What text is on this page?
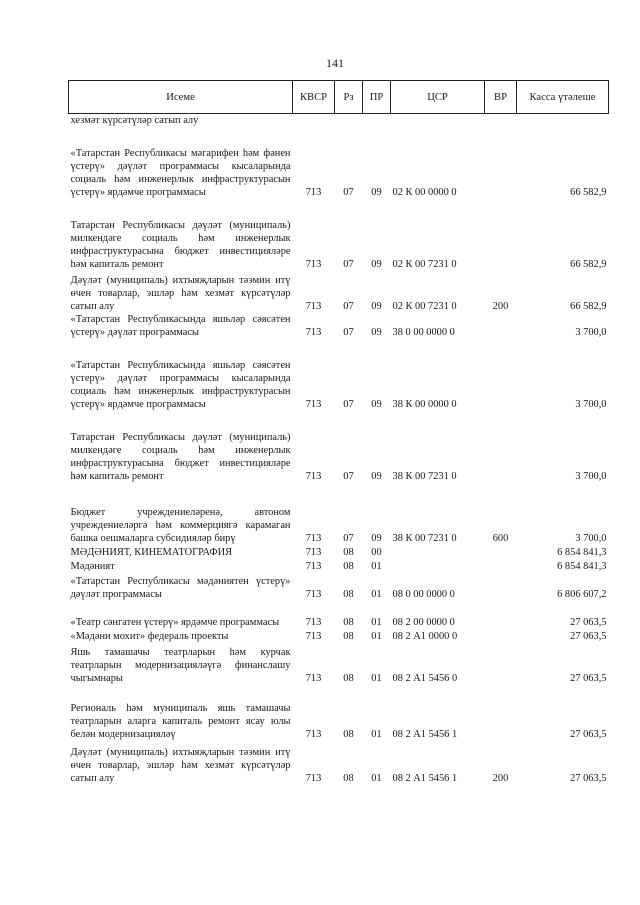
141
Исеме	КВСР	Рз	ПР	ЦСР	ВР	Касса үтәлеше
хезмәт күрсәтүләр сатып алу						
«Татарстан Республикасы мәгарифен һәм фәнен үстерү» дәүләт программасы кысаларында социаль һәм инженерлык инфраструктурасын үстерү» ярдәмче программасы	713	07	09	02 К 00 0000 0		66 582,9
Татарстан Республикасы дәүләт (муниципаль) милкендәге социаль һәм инженерлык инфраструктурасына бюджет инвестицияләре һәм капиталь ремонт	713	07	09	02 К 00 7231 0		66 582,9
Дәүләт (муниципаль) ихтыяҗларын тәэмин итү өчен товарлар, эшләр һәм хезмәт күрсәтүләр сатып алу	713	07	09	02 К 00 7231 0	200	66 582,9
«Татарстан Республикасында яшьләр сәясәтен үстерү» дәүләт программасы	713	07	09	38 0 00 0000 0		3 700,0
«Татарстан Республикасында яшьләр сәясәтен үстерү» дәүләт программасы кысаларында социаль һәм инженерлык инфраструктурасын үстерү» ярдәмче программасы	713	07	09	38 К 00 0000 0		3 700,0
Татарстан Республикасы дәүләт (муниципаль) милкендәге социаль һәм инженерлык инфраструктурасына бюджет инвестицияләре һәм капиталь ремонт	713	07	09	38 К 00 7231 0		3 700,0
Бюджет учреждениеләренә, автоном учреждениеләргә һәм коммерциягә карамаган башка оешмаларга субсидияләр бирү	713	07	09	38 К 00 7231 0	600	3 700,0
МӘДӘНИЯТ, КИНЕМАТОГРАФИЯ	713	08	00			6 854 841,3
Мәдәният	713	08	01			6 854 841,3
«Татарстан Республикасы мәдәниятен үстерү» дәүләт программасы	713	08	01	08 0 00 0000 0		6 806 607,2
«Театр сәнгатен үстерү» ярдәмче программасы	713	08	01	08 2 00 0000 0		27 063,5
«Мәдәни мохит» федераль проекты	713	08	01	08 2 А1 0000 0		27 063,5
Яшь тамашачы театрларын һәм курчак театрларын модернизацияләүгә финанслашу чыгымнары	713	08	01	08 2 А1 5456 0		27 063,5
Региональ һәм муниципаль яшь тамашачы театрларын аларга капиталь ремонт ясау юлы белән модернизацияләү	713	08	01	08 2 А1 5456 1		27 063,5
Дәүләт (муниципаль) ихтыяҗларын тәэмин итү өчен товарлар, эшләр һәм хезмәт күрсәтүләр сатып алу	713	08	01	08 2 А1 5456 1	200	27 063,5
